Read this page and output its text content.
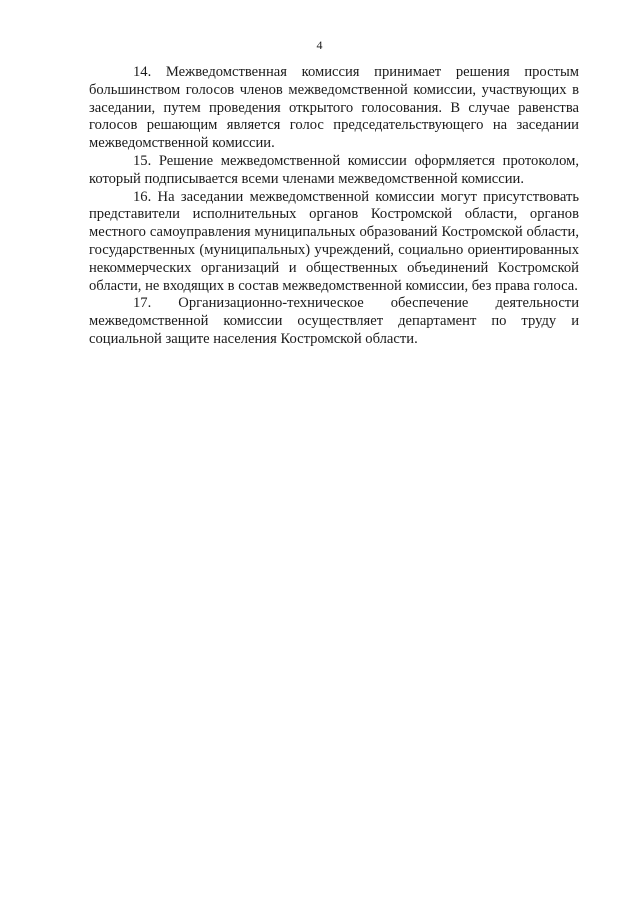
4

14. Межведомственная комиссия принимает решения простым большинством голосов членов межведомственной комиссии, участвующих в заседании, путем проведения открытого голосования. В случае равенства голосов решающим является голос председательствующего на заседании межведомственной комиссии.

15. Решение межведомственной комиссии оформляется протоколом, который подписывается всеми членами межведомственной комиссии.

16. На заседании межведомственной комиссии могут присутствовать представители исполнительных органов Костромской области, органов местного самоуправления муниципальных образований Костромской области, государственных (муниципальных) учреждений, социально ориентированных некоммерческих организаций и общественных объединений Костромской области, не входящих в состав межведомственной комиссии, без права голоса.

17. Организационно-техническое обеспечение деятельности межведомственной комиссии осуществляет департамент по труду и социальной защите населения Костромской области.
